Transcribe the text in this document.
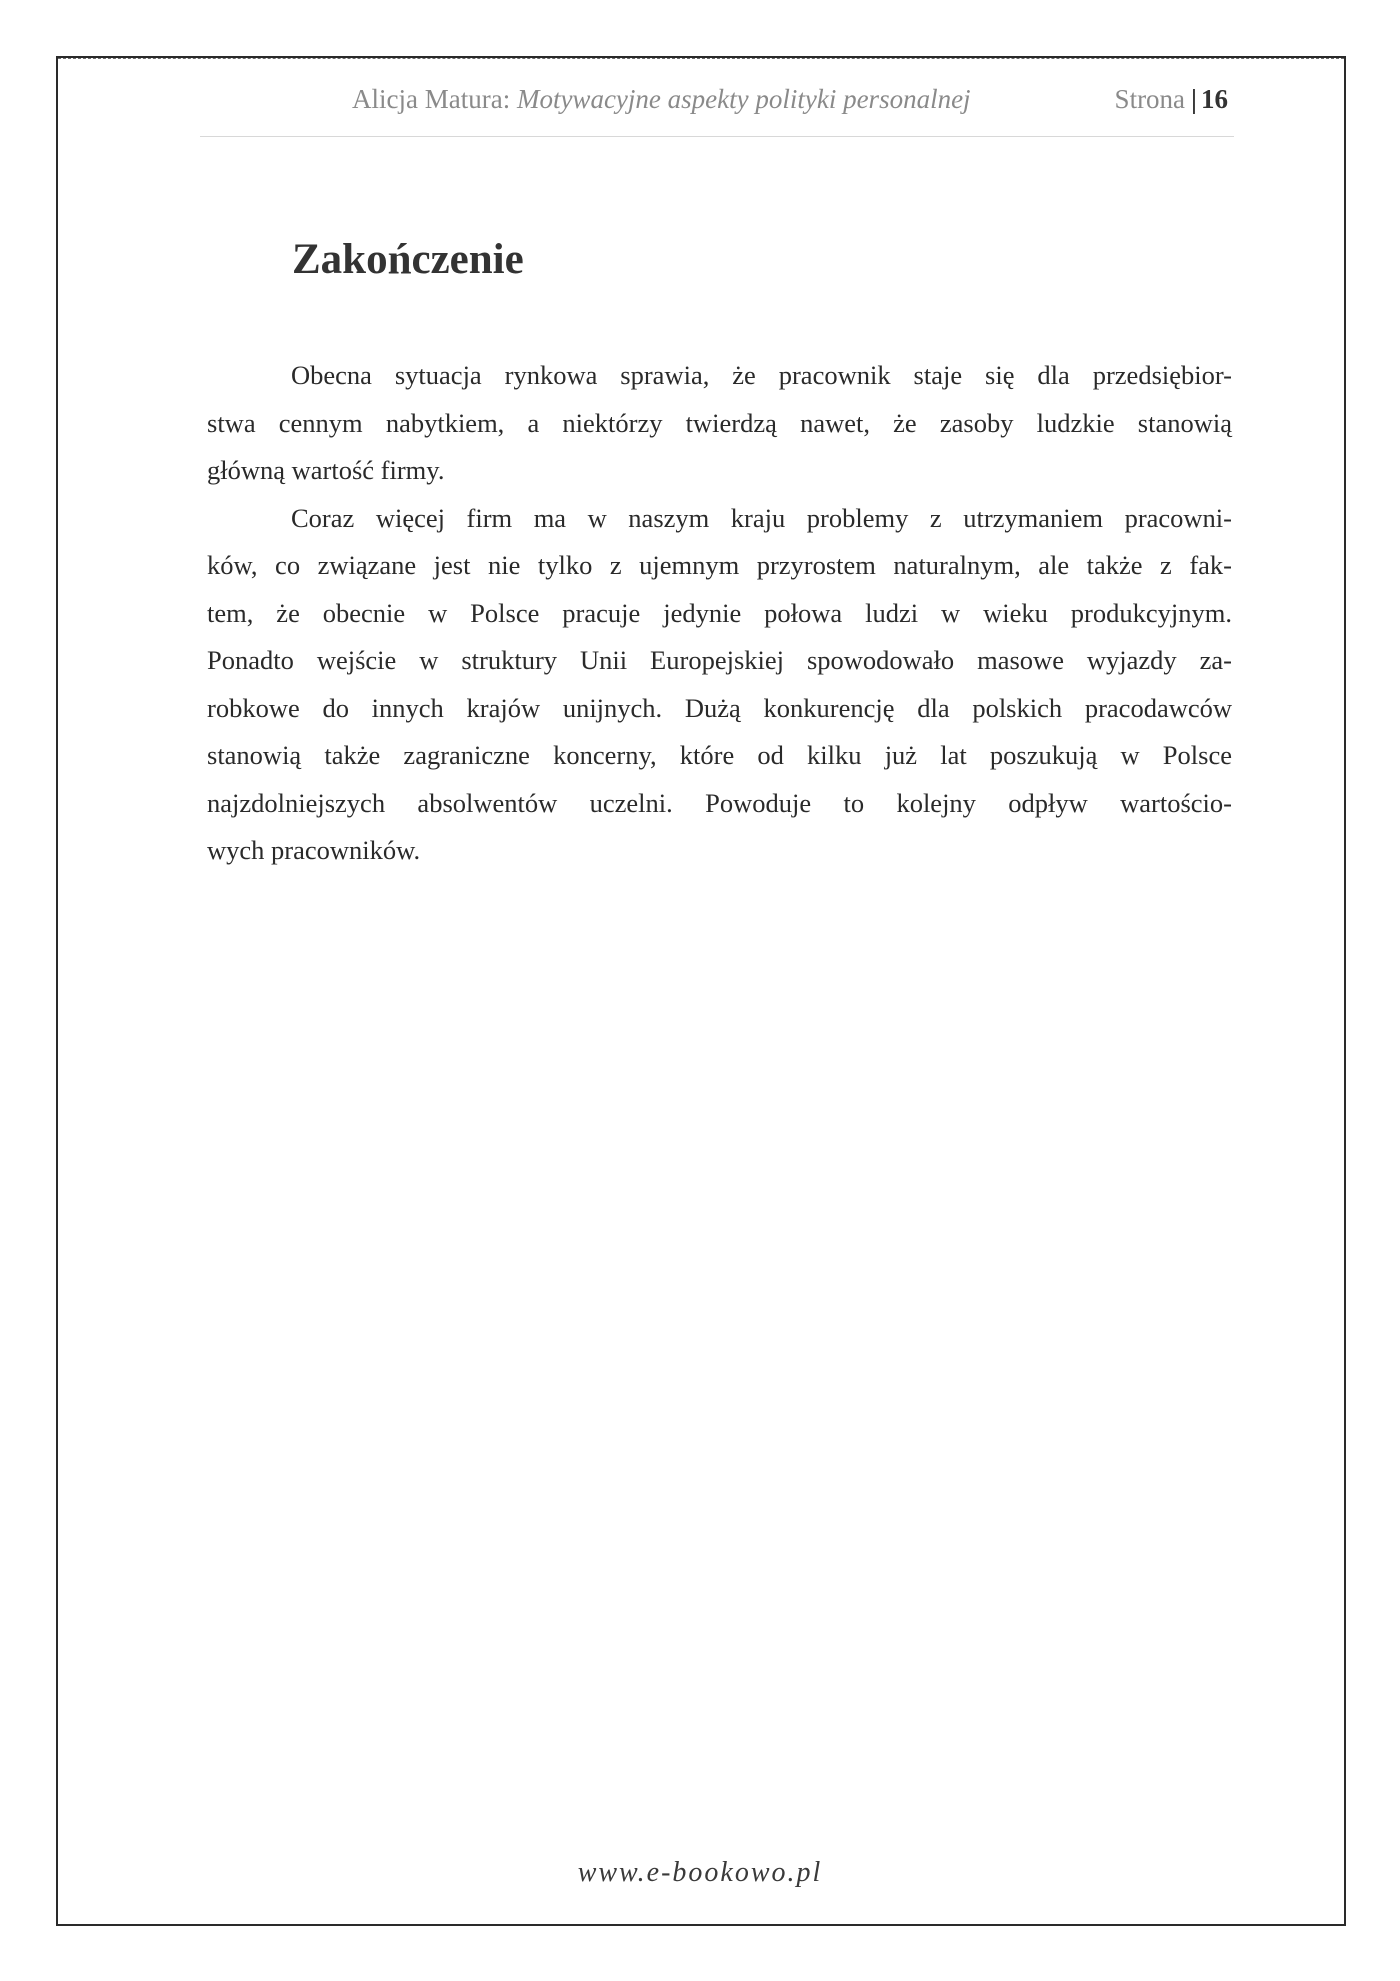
Alicja Matura: Motywacyjne aspekty polityki personalnej	Strona | 16
Zakończenie
Obecna sytuacja rynkowa sprawia, że pracownik staje się dla przedsiębior-
stwa cennym nabytkiem, a niektórzy twierdzą nawet, że zasoby ludzkie stanowią
główną wartość firmy.
Coraz więcej firm ma w naszym kraju problemy z utrzymaniem pracowni-
ków, co związane jest nie tylko z ujemnym przyrostem naturalnym, ale także z fak-
tem, że obecnie w Polsce pracuje jedynie połowa ludzi w wieku produkcyjnym.
Ponadto wejście w struktury Unii Europejskiej spowodowało masowe wyjazdy za-
robkowe do innych krajów unijnych. Dużą konkurencję dla polskich pracodawców
stanowią także zagraniczne koncerny, które od kilku już lat poszukują w Polsce
najzdolniejszych absolwentów uczelni. Powoduje to kolejny odpływ wartościo-
wych pracowników.
www.e-bookowo.pl
